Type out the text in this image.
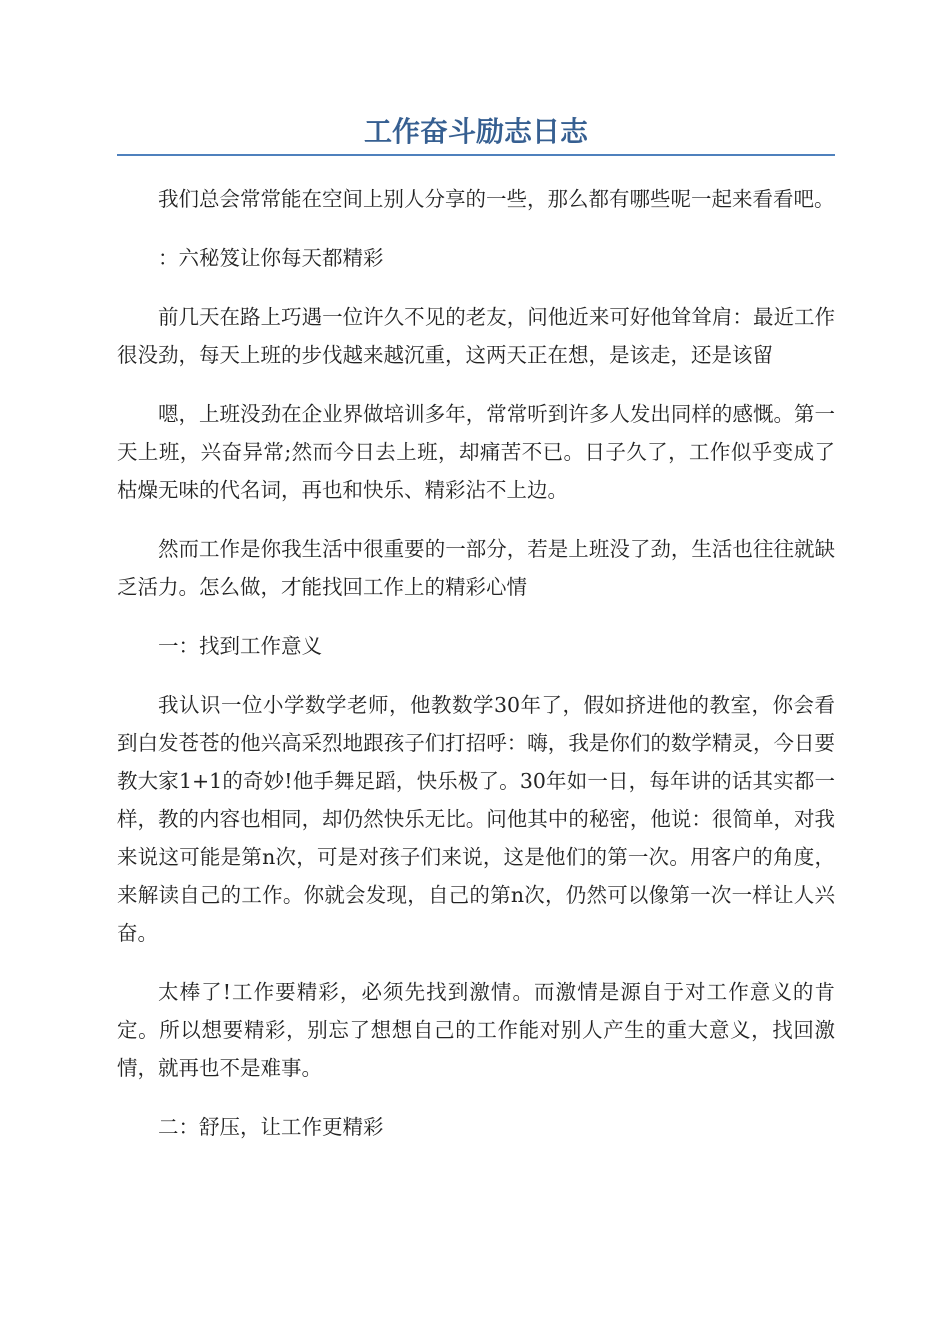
工作奋斗励志日志

我们总会常常能在空间上别人分享的一些，那么都有哪些呢一起来看看吧。

：六秘笈让你每天都精彩

前几天在路上巧遇一位许久不见的老友，问他近来可好他耸耸肩：最近工作很没劲，每天上班的步伐越来越沉重，这两天正在想，是该走，还是该留

嗯，上班没劲在企业界做培训多年，常常听到许多人发出同样的感慨。第一天上班，兴奋异常;然而今日去上班，却痛苦不已。日子久了，工作似乎变成了枯燥无味的代名词，再也和快乐、精彩沾不上边。

然而工作是你我生活中很重要的一部分，若是上班没了劲，生活也往往就缺乏活力。怎么做，才能找回工作上的精彩心情

一：找到工作意义

我认识一位小学数学老师，他教数学30年了，假如挤进他的教室，你会看到白发苍苍的他兴高采烈地跟孩子们打招呼：嗨，我是你们的数学精灵，今日要教大家1+1的奇妙!他手舞足蹈，快乐极了。30年如一日，每年讲的话其实都一样，教的内容也相同，却仍然快乐无比。问他其中的秘密，他说：很简单，对我来说这可能是第n次，可是对孩子们来说，这是他们的第一次。用客户的角度，来解读自己的工作。你就会发现，自己的第n次，仍然可以像第一次一样让人兴奋。

太棒了!工作要精彩，必须先找到激情。而激情是源自于对工作意义的肯定。所以想要精彩，别忘了想想自己的工作能对别人产生的重大意义，找回激情，就再也不是难事。

二：舒压，让工作更精彩
